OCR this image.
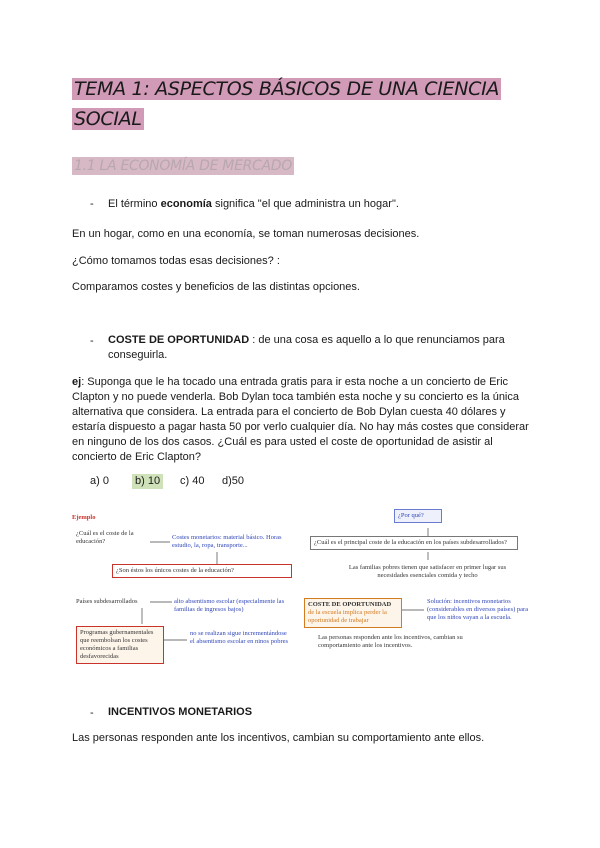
TEMA 1: ASPECTOS BÁSICOS DE UNA CIENCIA
SOCIAL
1.1 LA ECONOMÍA DE MERCADO
- El término economía significa "el que administra un hogar".
En un hogar, como en una economía, se toman numerosas decisiones.
¿Cómo tomamos todas esas decisiones? :
Comparamos costes y beneficios de las distintas opciones.
- COSTE DE OPORTUNIDAD : de una cosa es aquello a lo que renunciamos para conseguirla.
ej: Suponga que le ha tocado una entrada gratis para ir esta noche a un concierto de Eric Clapton y no puede venderla. Bob Dylan toca también esta noche y su concierto es la única alternativa que considera. La entrada para el concierto de Bob Dylan cuesta 40 dólares y estaría dispuesto a pagar hasta 50 por verlo cualquier día. No hay más costes que considerar en ninguno de los dos casos. ¿Cuál es para usted el coste de oportunidad de asistir al concierto de Eric Clapton?
a) 0 b) 10 c) 40 d)50
Ejemplo
¿Cuál es el coste de la educación?
Costes monetarios: material básico. Horas estudio, la, ropa, transporte...
¿Son éstos los únicos costes de la educación?
¿Por qué?
¿Cuál es el principal coste de la educación en los países subdesarrollados?
Las familias pobres tienen que satisfacer en primer lugar sus necesidades esenciales comida y techo
Países subdesarrollados	alto absentismo escolar (especialmente las familias de ingresos bajos)
COSTE DE OPORTUNIDAD
de la escuela implica perder la oportunidad de trabajar
Solución: incentivos monetarios (considerables en diversos países) para que los niños vayan a la escuela.
Programas gubernamentales que reembolsan los costes económicos a familias desfavorecidas
no se realizan sigue incrementándose el absentismo escolar en ninos pobres
Las personas responden ante los incentivos, cambian su comportamiento ante los incentivos.
- INCENTIVOS MONETARIOS
Las personas responden ante los incentivos, cambian su comportamiento ante ellos.
